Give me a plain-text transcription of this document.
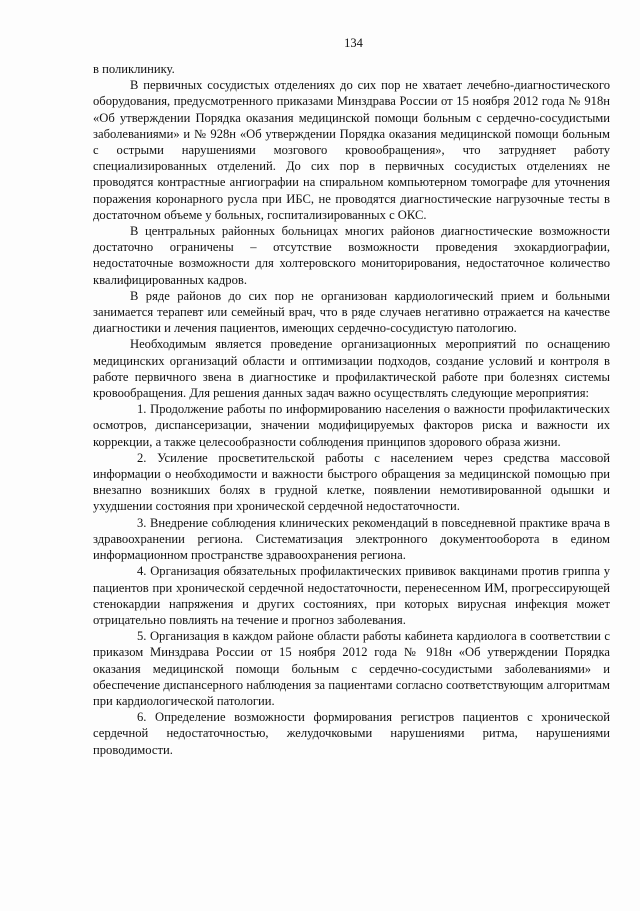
134

в поликлинику.

В первичных сосудистых отделениях до сих пор не хватает лечебно-диагностического оборудования, предусмотренного приказами Минздрава России от 15 ноября 2012 года № 918н «Об утверждении Порядка оказания медицинской помощи больным с сердечно-сосудистыми заболеваниями» и № 928н «Об утверждении Порядка оказания медицинской помощи больным с острыми нарушениями мозгового кровообращения», что затрудняет работу специализированных отделений. До сих пор в первичных сосудистых отделениях не проводятся контрастные ангиографии на спиральном компьютерном томографе для уточнения поражения коронарного русла при ИБС, не проводятся диагностические нагрузочные тесты в достаточном объеме у больных, госпитализированных с ОКС.

В центральных районных больницах многих районов диагностические возможности достаточно ограничены – отсутствие возможности проведения эхокардиографии, недостаточные возможности для холтеровского мониторирования, недостаточное количество квалифицированных кадров.

В ряде районов до сих пор не организован кардиологический прием и больными занимается терапевт или семейный врач, что в ряде случаев негативно отражается на качестве диагностики и лечения пациентов, имеющих сердечно-сосудистую патологию.

Необходимым является проведение организационных мероприятий по оснащению медицинских организаций области и оптимизации подходов, создание условий и контроля в работе первичного звена в диагностике и профилактической работе при болезнях системы кровообращения. Для решения данных задач важно осуществлять следующие мероприятия:

1. Продолжение работы по информированию населения о важности профилактических осмотров, диспансеризации, значении модифицируемых факторов риска и важности их коррекции, а также целесообразности соблюдения принципов здорового образа жизни.

2. Усиление просветительской работы с населением через средства массовой информации о необходимости и важности быстрого обращения за медицинской помощью при внезапно возникших болях в грудной клетке, появлении немотивированной одышки и ухудшении состояния при хронической сердечной недостаточности.

3. Внедрение соблюдения клинических рекомендаций в повседневной практике врача в здравоохранении региона. Систематизация электронного документооборота в едином информационном пространстве здравоохранения региона.

4. Организация обязательных профилактических прививок вакцинами против гриппа у пациентов при хронической сердечной недостаточности, перенесенном ИМ, прогрессирующей стенокардии напряжения и других состояниях, при которых вирусная инфекция может отрицательно повлиять на течение и прогноз заболевания.

5. Организация в каждом районе области работы кабинета кардиолога в соответствии с приказом Минздрава России от 15 ноября 2012 года № 918н «Об утверждении Порядка оказания медицинской помощи больным с сердечно-сосудистыми заболеваниями» и обеспечение диспансерного наблюдения за пациентами согласно соответствующим алгоритмам при кардиологической патологии.

6. Определение возможности формирования регистров пациентов с хронической сердечной недостаточностью, желудочковыми нарушениями ритма, нарушениями проводимости.
